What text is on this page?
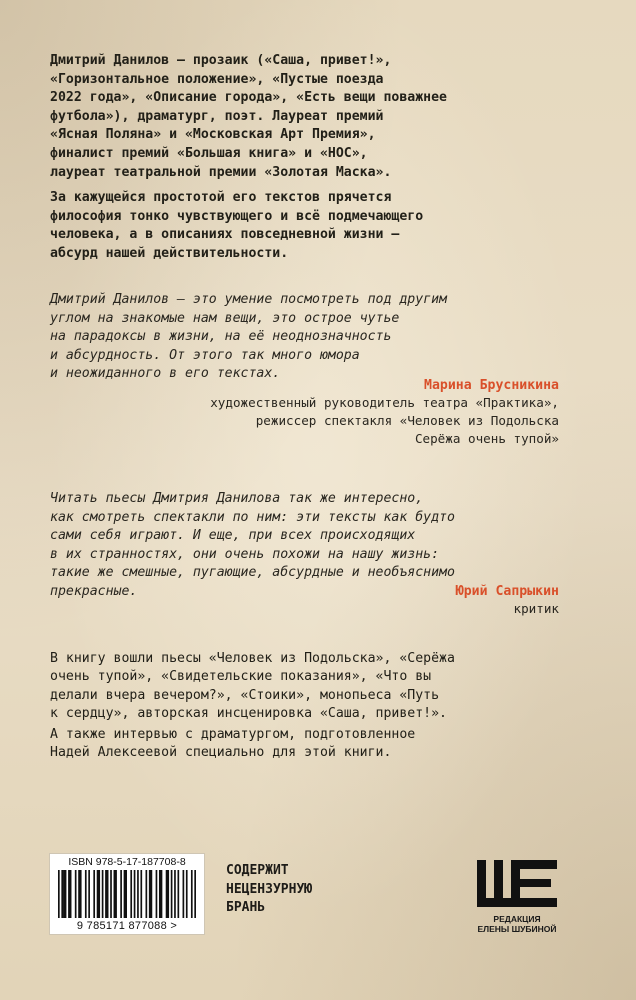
Дмитрий Данилов — прозаик («Саша, привет!»,
«Горизонтальное положение», «Пустые поезда
2022 года», «Описание города», «Есть вещи поважнее
футбола»), драматург, поэт. Лауреат премий
«Ясная Поляна» и «Московская Арт Премия»,
финалист премий «Большая книга» и «НОС»,
лауреат театральной премии «Золотая Маска».

За кажущейся простотой его текстов прячется
философия тонко чувствующего и всё подмечающего
человека, а в описаниях повседневной жизни —
абсурд нашей действительности.

Дмитрий Данилов — это умение посмотреть под другим
углом на знакомые нам вещи, это острое чутье
на парадоксы в жизни, на её неоднозначность
и абсурдность. От этого так много юмора
и неожиданного в его текстах.
Марина Брусникина
художественный руководитель театра «Практика»,
режиссер спектакля «Человек из Подольска
Серёжа очень тупой»
Читать пьесы Дмитрия Данилова так же интересно,
как смотреть спектакли по ним: эти тексты как будто
сами себя играют. И еще, при всех происходящих
в их странностях, они очень похожи на нашу жизнь:
такие же смешные, пугающие, абсурдные и необъяснимо
прекрасные.	Юрий Сапрыкин
критик

В книгу вошли пьесы «Человек из Подольска», «Серёжа
очень тупой», «Свидетельские показания», «Что вы
делали вчера вечером?», «Стоики», монопьеса «Путь
к сердцу», авторская инсценировка «Саша, привет!».

А также интервью с драматургом, подготовленное
Надей Алексеевой специально для этой книги.

ISBN 978-5-17-187708-8
9 785171 877088 >
СОДЕРЖИТ
НЕЦЕНЗУРНУЮ
БРАНЬ
РЕДАКЦИЯ
ЕЛЕНЫ ШУБИНОЙ
